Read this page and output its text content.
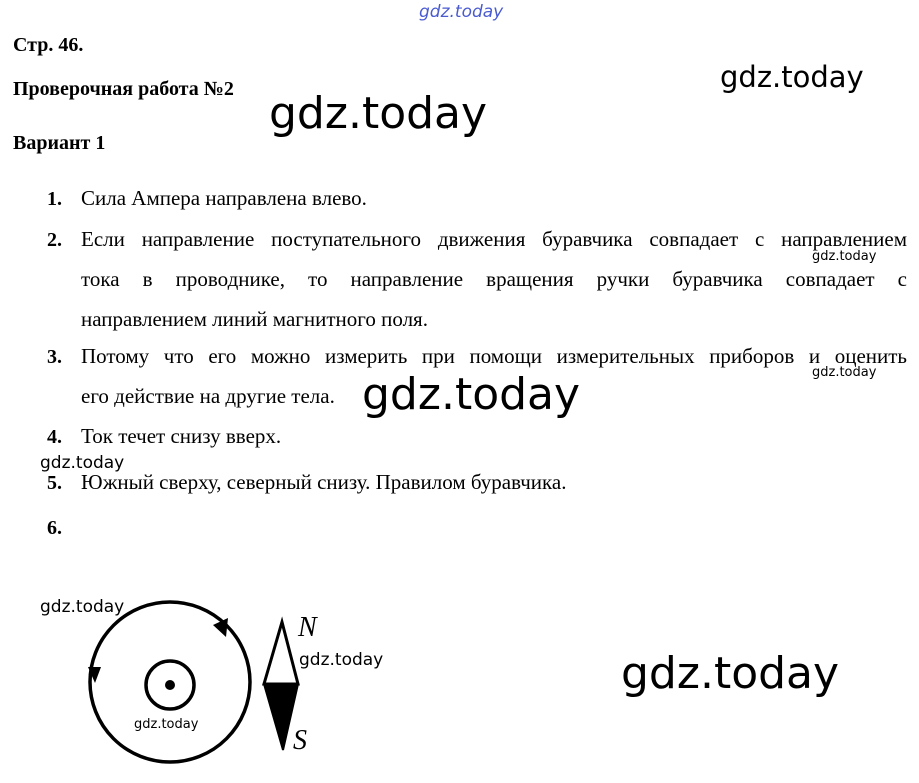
gdz.today
gdz.today
gdz.today
gdz.today
gdz.today	gdz.today
gdz.today
gdz.today
gdz.today
gdz.today
gdz.today
Стр. 46.
Проверочная работа №2
Вариант 1
1. Сила Ампера направлена влево.
2. Если направление поступательного движения буравчика совпадает с направлением
тока в проводнике, то направление вращения ручки буравчика совпадает с
направлением линий магнитного поля.
3. Потому что его можно измерить при помощи измерительных приборов и оценить
его действие на другие тела.
4. Ток течет снизу вверх.
5. Южный сверху, северный снизу. Правилом буравчика.
6.
N
S
